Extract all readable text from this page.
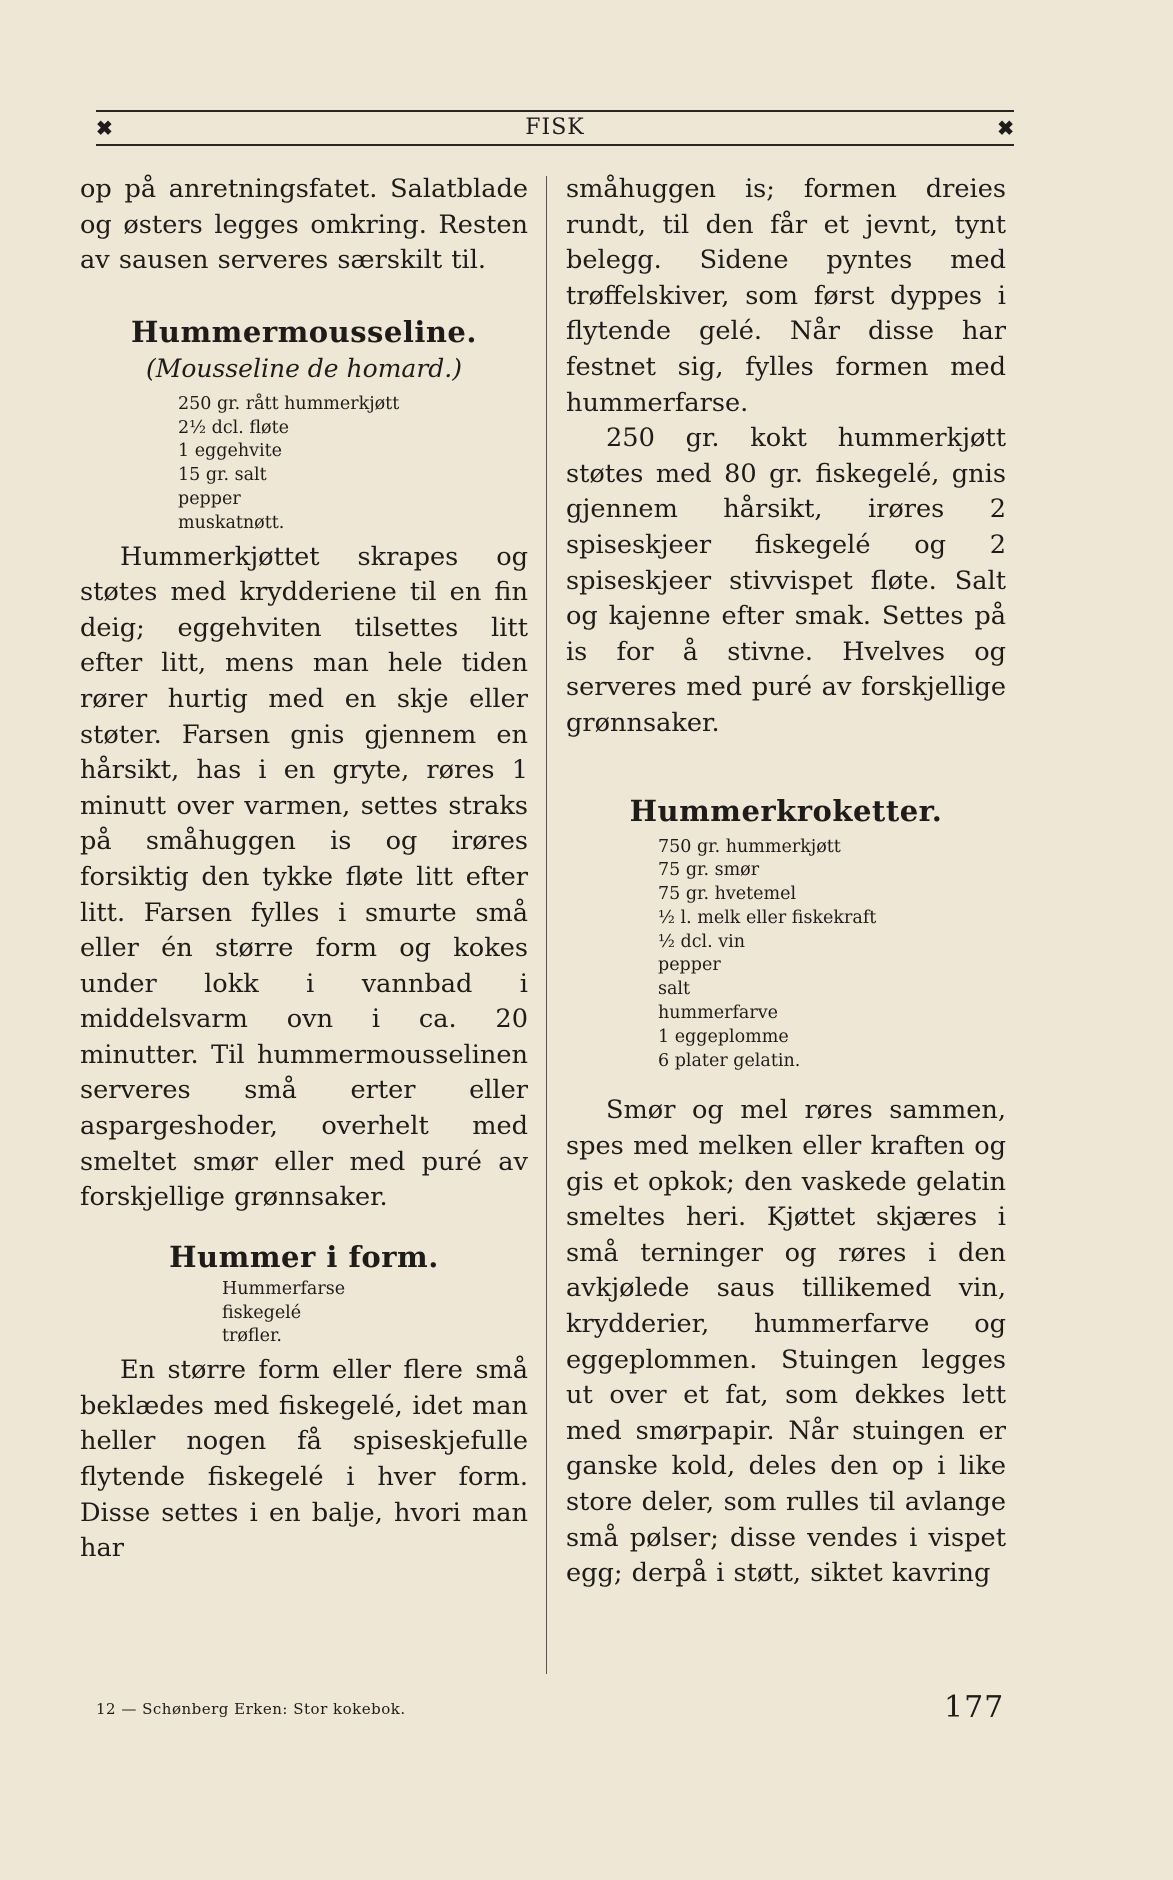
✖	FISK	✖

op på anretningsfatet. Salatblade og østers legges omkring. Resten av sausen serveres særskilt til.

Hummermousseline.

(Mousseline de homard.)

250 gr. rått hummerkjøtt
2½ dcl. fløte
1 eggehvite
15 gr. salt
pepper
muskatnøtt.

Hummerkjøttet skrapes og støtes med krydderiene til en fin deig; eggehviten tilsettes litt efter litt, mens man hele tiden rører hurtig med en skje eller støter. Farsen gnis gjennem en hårsikt, has i en gryte, røres 1 minutt over varmen, settes straks på småhuggen is og irøres forsiktig den tykke fløte litt efter litt. Farsen fylles i smurte små eller én større form og kokes under lokk i vannbad i middelsvarm ovn i ca. 20 minutter. Til hummermousselinen serveres små erter eller aspargeshoder, overhelt med smeltet smør eller med puré av forskjellige grønnsaker.

Hummer i form.
Hummerfarse
fiskegelé
trøfler.

En større form eller flere små beklædes med fiskegelé, idet man heller nogen få spiseskjefulle flytende fiskegelé i hver form. Disse settes i en balje, hvori man har

småhuggen is; formen dreies rundt, til den får et jevnt, tynt belegg. Sidene pyntes med trøffelskiver, som først dyppes i flytende gelé. Når disse har festnet sig, fylles formen med hummerfarse.

250 gr. kokt hummerkjøtt støtes med 80 gr. fiskegelé, gnis gjennem hårsikt, irøres 2 spiseskjeer fiskegelé og 2 spiseskjeer stivvispet fløte. Salt og kajenne efter smak. Settes på is for å stivne. Hvelves og serveres med puré av forskjellige grønnsaker.

Hummerkroketter.
750 gr. hummerkjøtt
75 gr. smør
75 gr. hvetemel
½ l. melk eller fiskekraft
½ dcl. vin
pepper
salt
hummerfarve
1 eggeplomme
6 plater gelatin.

Smør og mel røres sammen, spes med melken eller kraften og gis et opkok; den vaskede gelatin smeltes heri. Kjøttet skjæres i små terninger og røres i den avkjølede saus tillikemed vin, krydderier, hummerfarve og eggeplommen. Stuingen legges ut over et fat, som dekkes lett med smørpapir. Når stuingen er ganske kold, deles den op i like store deler, som rulles til avlange små pølser; disse vendes i vispet egg; derpå i støtt, siktet kavring

12 — Schønberg Erken: Stor kokebok.	177
